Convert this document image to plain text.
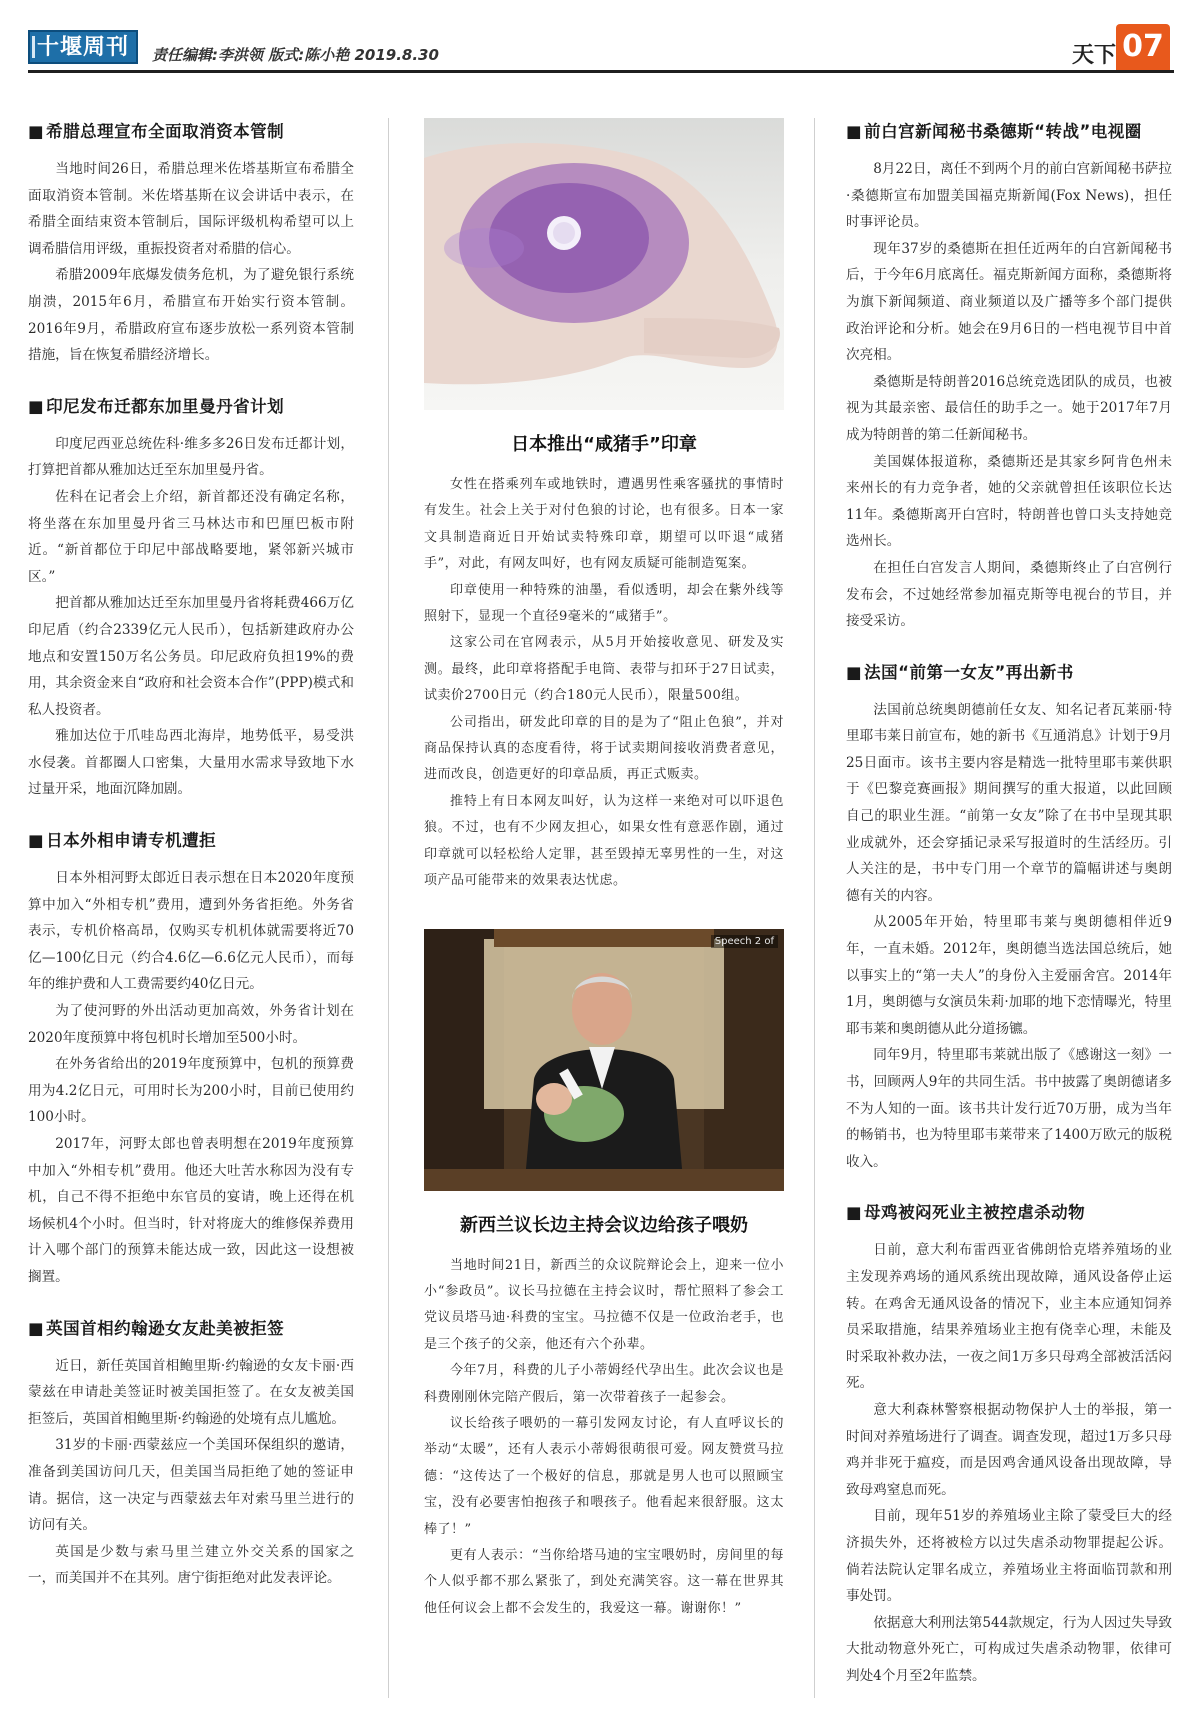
十堰周刊	责任编辑:李洪领 版式:陈小艳 2019.8.30	天下 07
■ 希腊总理宣布全面取消资本管制

当地时间26日，希腊总理米佐塔基斯宣布希腊全面取消资本管制。米佐塔基斯在议会讲话中表示，在希腊全面结束资本管制后，国际评级机构希望可以上调希腊信用评级，重振投资者对希腊的信心。

希腊2009年底爆发债务危机，为了避免银行系统崩溃，2015年6月，希腊宣布开始实行资本管制。2016年9月，希腊政府宣布逐步放松一系列资本管制措施，旨在恢复希腊经济增长。

■ 印尼发布迁都东加里曼丹省计划

印度尼西亚总统佐科·维多多26日发布迁都计划，打算把首都从雅加达迁至东加里曼丹省。

佐科在记者会上介绍，新首都还没有确定名称，将坐落在东加里曼丹省三马林达市和巴厘巴板市附近。“新首都位于印尼中部战略要地，紧邻新兴城市区。”

把首都从雅加达迁至东加里曼丹省将耗费466万亿印尼盾（约合2339亿元人民币），包括新建政府办公地点和安置150万名公务员。印尼政府负担19%的费用，其余资金来自“政府和社会资本合作”(PPP)模式和私人投资者。

雅加达位于爪哇岛西北海岸，地势低平，易受洪水侵袭。首都圈人口密集，大量用水需求导致地下水过量开采，地面沉降加剧。

■ 日本外相申请专机遭拒

日本外相河野太郎近日表示想在日本2020年度预算中加入“外相专机”费用，遭到外务省拒绝。外务省表示，专机价格高昂，仅购买专机机体就需要将近70亿—100亿日元（约合4.6亿—6.6亿元人民币），而每年的维护费和人工费需要约40亿日元。

为了使河野的外出活动更加高效，外务省计划在2020年度预算中将包机时长增加至500小时。

在外务省给出的2019年度预算中，包机的预算费用为4.2亿日元，可用时长为200小时，目前已使用约100小时。

2017年，河野太郎也曾表明想在2019年度预算中加入“外相专机”费用。他还大吐苦水称因为没有专机，自己不得不拒绝中东官员的宴请，晚上还得在机场候机4个小时。但当时，针对将庞大的维修保养费用计入哪个部门的预算未能达成一致，因此这一设想被搁置。

■ 英国首相约翰逊女友赴美被拒签

近日，新任英国首相鲍里斯·约翰逊的女友卡丽·西蒙兹在申请赴美签证时被美国拒签了。在女友被美国拒签后，英国首相鲍里斯·约翰逊的处境有点儿尴尬。

31岁的卡丽·西蒙兹应一个美国环保组织的邀请，准备到美国访问几天，但美国当局拒绝了她的签证申请。据信，这一决定与西蒙兹去年对索马里兰进行的访问有关。

英国是少数与索马里兰建立外交关系的国家之一，而美国并不在其列。唐宁街拒绝对此发表评论。

日本推出“咸猪手”印章

女性在搭乘列车或地铁时，遭遇男性乘客骚扰的事情时有发生。社会上关于对付色狼的讨论，也有很多。日本一家文具制造商近日开始试卖特殊印章，期望可以吓退“咸猪手”，对此，有网友叫好，也有网友质疑可能制造冤案。

印章使用一种特殊的油墨，看似透明，却会在紫外线等照射下，显现一个直径9毫米的“咸猪手”。

这家公司在官网表示，从5月开始接收意见、研发及实测。最终，此印章将搭配手电筒、表带与扣环于27日试卖，试卖价2700日元（约合180元人民币），限量500组。

公司指出，研发此印章的目的是为了“阻止色狼”，并对商品保持认真的态度看待，将于试卖期间接收消费者意见，进而改良，创造更好的印章品质，再正式贩卖。

推特上有日本网友叫好，认为这样一来绝对可以吓退色狼。不过，也有不少网友担心，如果女性有意恶作剧，通过印章就可以轻松给人定罪，甚至毁掉无辜男性的一生，对这项产品可能带来的效果表达忧虑。

Speech 2 of
新西兰议长边主持会议边给孩子喂奶

当地时间21日，新西兰的众议院辩论会上，迎来一位小小“参政员”。议长马拉德在主持会议时，帮忙照料了参会工党议员塔马迪·科费的宝宝。马拉德不仅是一位政治老手，也是三个孩子的父亲，他还有六个孙辈。

今年7月，科费的儿子小蒂姆经代孕出生。此次会议也是科费刚刚休完陪产假后，第一次带着孩子一起参会。

议长给孩子喂奶的一幕引发网友讨论，有人直呼议长的举动“太暖”，还有人表示小蒂姆很萌很可爱。网友赞赏马拉德：“这传达了一个极好的信息，那就是男人也可以照顾宝宝，没有必要害怕抱孩子和喂孩子。他看起来很舒服。这太棒了！”

更有人表示：“当你给塔马迪的宝宝喂奶时，房间里的每个人似乎都不那么紧张了，到处充满笑容。这一幕在世界其他任何议会上都不会发生的，我爱这一幕。谢谢你！”

■ 前白宫新闻秘书桑德斯“转战”电视圈

8月22日，离任不到两个月的前白宫新闻秘书萨拉·桑德斯宣布加盟美国福克斯新闻(Fox News)，担任时事评论员。

现年37岁的桑德斯在担任近两年的白宫新闻秘书后，于今年6月底离任。福克斯新闻方面称，桑德斯将为旗下新闻频道、商业频道以及广播等多个部门提供政治评论和分析。她会在9月6日的一档电视节目中首次亮相。

桑德斯是特朗普2016总统竞选团队的成员，也被视为其最亲密、最信任的助手之一。她于2017年7月成为特朗普的第二任新闻秘书。

美国媒体报道称，桑德斯还是其家乡阿肯色州未来州长的有力竞争者，她的父亲就曾担任该职位长达11年。桑德斯离开白宫时，特朗普也曾口头支持她竞选州长。

在担任白宫发言人期间，桑德斯终止了白宫例行发布会，不过她经常参加福克斯等电视台的节目，并接受采访。

■ 法国“前第一女友”再出新书

法国前总统奥朗德前任女友、知名记者瓦莱丽·特里耶韦莱日前宣布，她的新书《互通消息》计划于9月25日面市。该书主要内容是精选一批特里耶韦莱供职于《巴黎竞赛画报》期间撰写的重大报道，以此回顾自己的职业生涯。“前第一女友”除了在书中呈现其职业成就外，还会穿插记录采写报道时的生活经历。引人关注的是，书中专门用一个章节的篇幅讲述与奥朗德有关的内容。

从2005年开始，特里耶韦莱与奥朗德相伴近9年，一直未婚。2012年，奥朗德当选法国总统后，她以事实上的“第一夫人”的身份入主爱丽舍宫。2014年1月，奥朗德与女演员朱莉·加耶的地下恋情曝光，特里耶韦莱和奥朗德从此分道扬镳。

同年9月，特里耶韦莱就出版了《感谢这一刻》一书，回顾两人9年的共同生活。书中披露了奥朗德诸多不为人知的一面。该书共计发行近70万册，成为当年的畅销书，也为特里耶韦莱带来了1400万欧元的版税收入。

■ 母鸡被闷死业主被控虐杀动物

日前，意大利布雷西亚省佛朗恰克塔养殖场的业主发现养鸡场的通风系统出现故障，通风设备停止运转。在鸡舍无通风设备的情况下，业主本应通知饲养员采取措施，结果养殖场业主抱有侥幸心理，未能及时采取补救办法，一夜之间1万多只母鸡全部被活活闷死。

意大利森林警察根据动物保护人士的举报，第一时间对养殖场进行了调查。调查发现，超过1万多只母鸡并非死于瘟疫，而是因鸡舍通风设备出现故障，导致母鸡窒息而死。

目前，现年51岁的养殖场业主除了蒙受巨大的经济损失外，还将被检方以过失虐杀动物罪提起公诉。倘若法院认定罪名成立，养殖场业主将面临罚款和刑事处罚。

依据意大利刑法第544款规定，行为人因过失导致大批动物意外死亡，可构成过失虐杀动物罪，依律可判处4个月至2年监禁。
